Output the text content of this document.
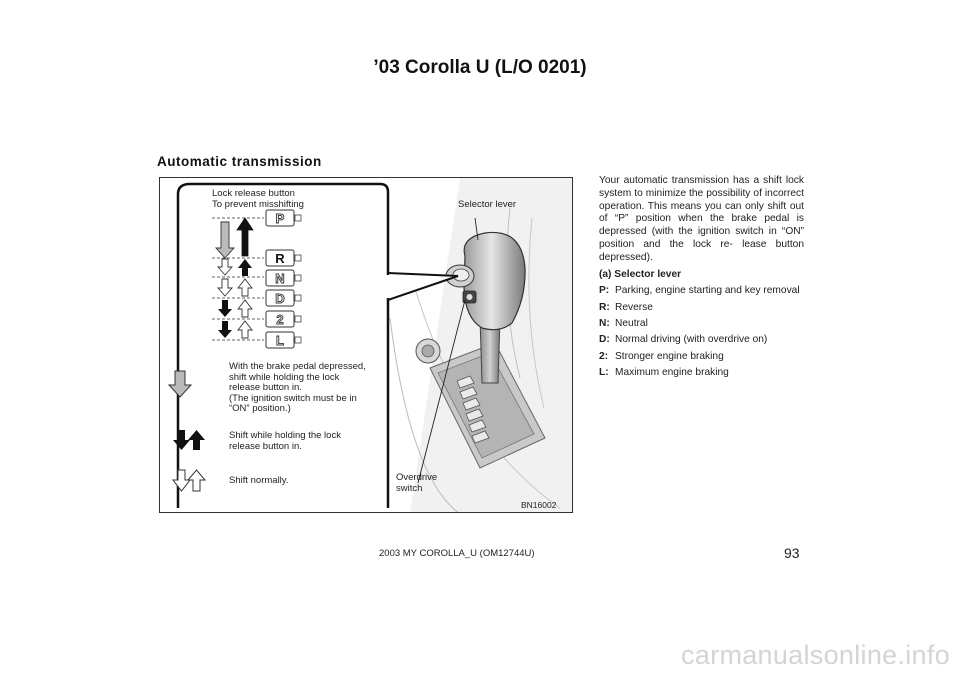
’03 Corolla U (L/O 0201)
Automatic transmission
P
R
N
D
2
L
Lock release button
To prevent misshifting	Selector lever
With the brake pedal depressed,
shift while holding the lock
release button in.
(The ignition switch must be in
“ON” position.)
Shift while holding the lock
release button in.
Shift normally.	Overdrive
switch
BN16002

Your automatic transmission has a shift lock system to minimize the possibility of incorrect operation. This means you can only shift out of “P” position when the brake pedal is depressed (with the ignition switch in “ON” position and the lock re- lease button depressed).

(a) Selector lever
P: Parking, engine starting and key removal
R: Reverse
N: Neutral
D: Normal driving (with overdrive on)
2: Stronger engine braking
L: Maximum engine braking
2003 MY COROLLA_U (OM12744U)	93
carmanualsonline.info
